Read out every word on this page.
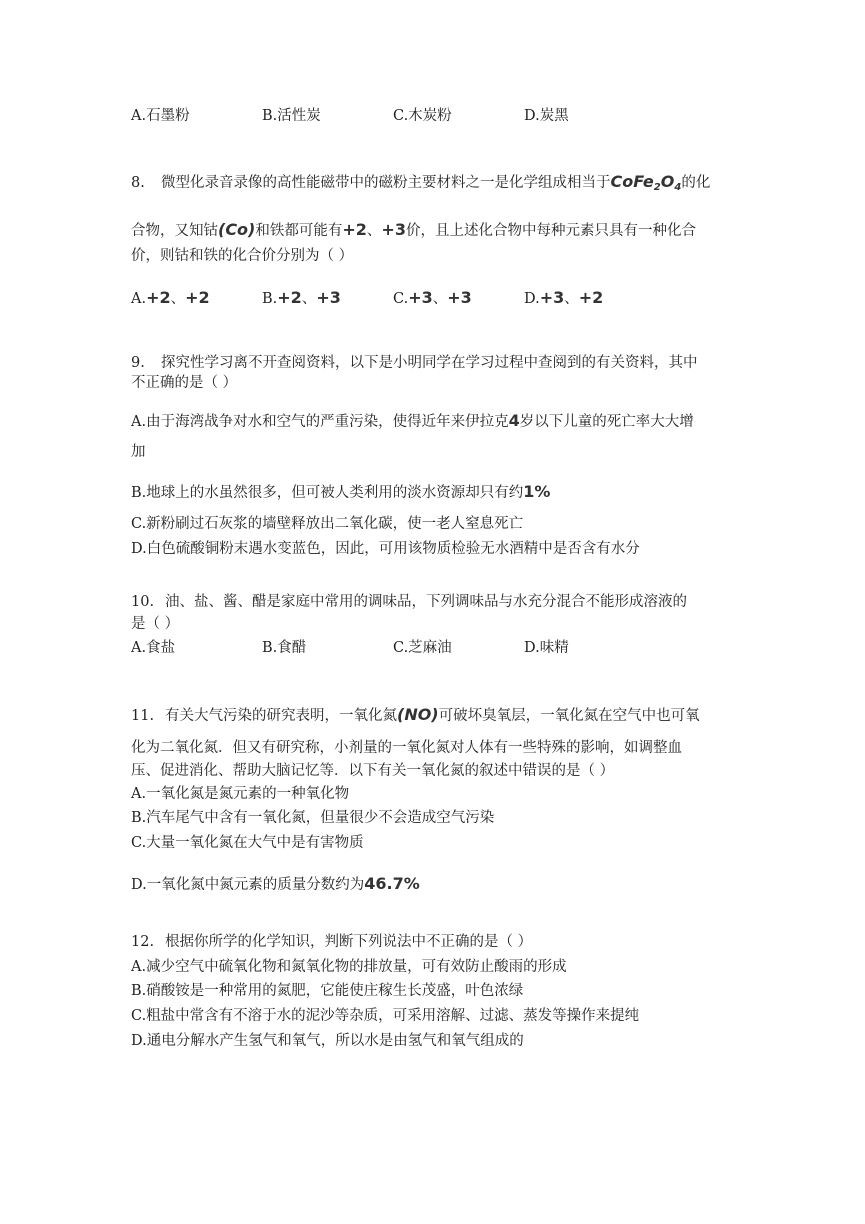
A.石墨粉	B.活性炭	C.木炭粉	D.炭黑
8. 微型化录音录像的高性能磁带中的磁粉主要材料之一是化学组成相当于CoFe2O4的化
合物，又知钴(Co)和铁都可能有+2、+3价，且上述化合物中每种元素只具有一种化合
价，则钴和铁的化合价分别为（ ）
A.+2、+2	B.+2、+3	C.+3、+3	D.+3、+2
9. 探究性学习离不开查阅资料，以下是小明同学在学习过程中查阅到的有关资料，其中
不正确的是（ ）
A.由于海湾战争对水和空气的严重污染，使得近年来伊拉克4岁以下儿童的死亡率大大增
加
B.地球上的水虽然很多，但可被人类利用的淡水资源却只有约1%
C.新粉刷过石灰浆的墙壁释放出二氧化碳，使一老人窒息死亡
D.白色硫酸铜粉末遇水变蓝色，因此，可用该物质检验无水酒精中是否含有水分
10. 油、盐、酱、醋是家庭中常用的调味品，下列调味品与水充分混合不能形成溶液的
是（ ）
A.食盐	B.食醋	C.芝麻油	D.味精
11. 有关大气污染的研究表明，一氧化氮(NO)可破坏臭氧层，一氧化氮在空气中也可氧
化为二氧化氮．但又有研究称，小剂量的一氧化氮对人体有一些特殊的影响，如调整血
压、促进消化、帮助大脑记忆等．以下有关一氧化氮的叙述中错误的是（ ）
A.一氧化氮是氮元素的一种氧化物
B.汽车尾气中含有一氧化氮，但量很少不会造成空气污染
C.大量一氧化氮在大气中是有害物质
D.一氧化氮中氮元素的质量分数约为46.7%
12. 根据你所学的化学知识，判断下列说法中不正确的是（ ）
A.减少空气中硫氧化物和氮氧化物的排放量，可有效防止酸雨的形成
B.硝酸铵是一种常用的氮肥，它能使庄稼生长茂盛，叶色浓绿
C.粗盐中常含有不溶于水的泥沙等杂质，可采用溶解、过滤、蒸发等操作来提纯
D.通电分解水产生氢气和氧气，所以水是由氢气和氧气组成的
